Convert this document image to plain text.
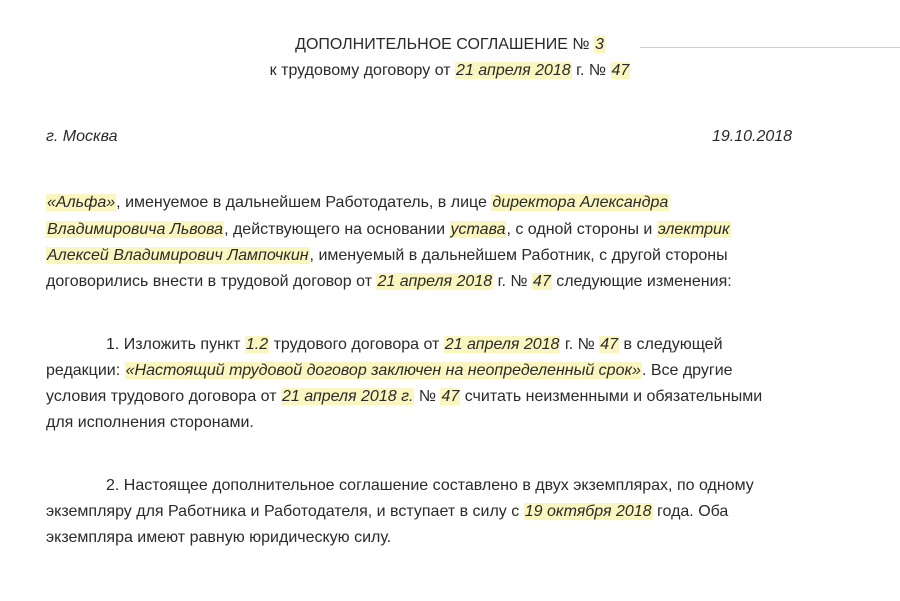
ДОПОЛНИТЕЛЬНОЕ СОГЛАШЕНИЕ № 3
к трудовому договору от 21 апреля 2018 г. № 47
г. Москва	19.10.2018
«Альфа», именуемое в дальнейшем Работодатель, в лице директора Александра
Владимировича Львова, действующего на основании устава, с одной стороны и электрик
Алексей Владимирович Лампочкин, именуемый в дальнейшем Работник, с другой стороны
договорились внести в трудовой договор от 21 апреля 2018 г. № 47 следующие изменения:
1. Изложить пункт 1.2 трудового договора от 21 апреля 2018 г. № 47 в следующей
редакции: «Настоящий трудовой договор заключен на неопределенный срок». Все другие
условия трудового договора от 21 апреля 2018 г. № 47 считать неизменными и обязательными
для исполнения сторонами.
2. Настоящее дополнительное соглашение составлено в двух экземплярах, по одному
экземпляру для Работника и Работодателя, и вступает в силу с 19 октября 2018 года. Оба
экземпляра имеют равную юридическую силу.
